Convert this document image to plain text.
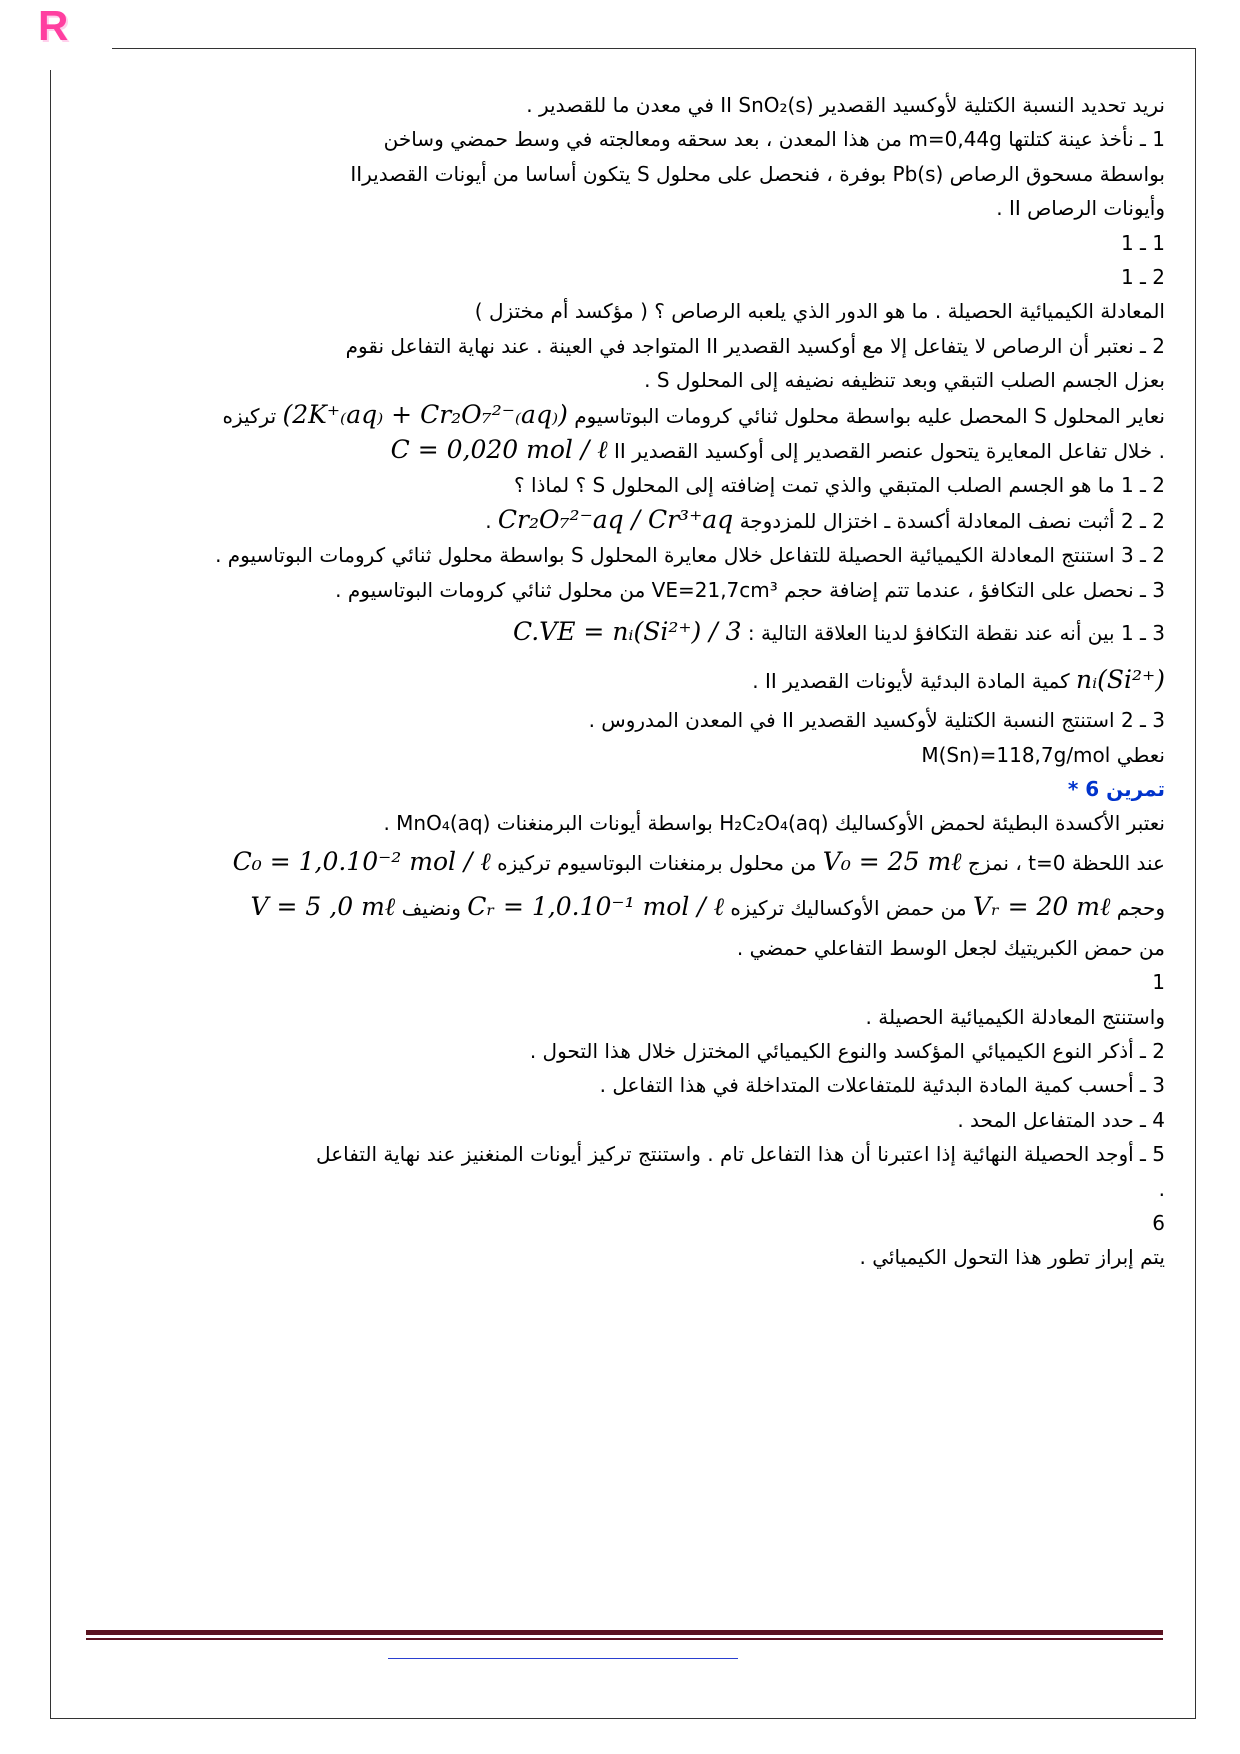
R

نريد تحديد النسبة الكتلية لأوكسيد القصدير II SnO₂(s) في معدن ما للقصدير .

1 ـ نأخذ عينة كتلتها m=0,44g من هذا المعدن ، بعد سحقه ومعالجته في وسط حمضي وساخن

بواسطة مسحوق الرصاص Pb(s) بوفرة ، فنحصل على محلول S يتكون أساسا من أيونات القصديرII

وأيونات الرصاص II .

1 ـ 1

2 ـ 1

المعادلة الكيميائية الحصيلة . ما هو الدور الذي يلعبه الرصاص ؟ ( مؤكسد أم مختزل )

2 ـ نعتبر أن الرصاص لا يتفاعل إلا مع أوكسيد القصدير II المتواجد في العينة . عند نهاية التفاعل نقوم

بعزل الجسم الصلب التبقي وبعد تنظيفه نضيفه إلى المحلول S .

نعاير المحلول S المحصل عليه بواسطة محلول ثنائي كرومات البوتاسيوم (2K⁺₍aq₎ + Cr₂O₇²⁻₍aq₎) تركيزه

. خلال تفاعل المعايرة يتحول عنصر القصدير إلى أوكسيد القصدير II C = 0,020 mol / ℓ

2 ـ 1 ما هو الجسم الصلب المتبقي والذي تمت إضافته إلى المحلول S ؟ لماذا ؟

2 ـ 2 أثبت نصف المعادلة أكسدة ـ اختزال للمزدوجة Cr₂O₇²⁻aq / Cr³⁺aq .

2 ـ 3 استنتج المعادلة الكيميائية الحصيلة للتفاعل خلال معايرة المحلول S بواسطة محلول ثنائي كرومات البوتاسيوم .

3 ـ نحصل على التكافؤ ، عندما تتم إضافة حجم VE=21,7cm³ من محلول ثنائي كرومات البوتاسيوم .

3 ـ 1 بين أنه عند نقطة التكافؤ لدينا العلاقة التالية : C.VE = nᵢ(Si²⁺) / 3

nᵢ(Si²⁺) كمية المادة البدئية لأيونات القصدير II .

3 ـ 2 استنتج النسبة الكتلية لأوكسيد القصدير II في المعدن المدروس .

نعطي M(Sn)=118,7g/mol

تمرين 6 *

نعتبر الأكسدة البطيئة لحمض الأوكساليك H₂C₂O₄(aq) بواسطة أيونات البرمنغنات MnO₄(aq) .

عند اللحظة t=0 ، نمزج V₀ = 25 mℓ من محلول برمنغنات البوتاسيوم تركيزه C₀ = 1,0.10⁻² mol / ℓ

وحجم Vᵣ = 20 mℓ من حمض الأوكساليك تركيزه Cᵣ = 1,0.10⁻¹ mol / ℓ ونضيف V = 5 ,0 mℓ

من حمض الكبريتيك لجعل الوسط التفاعلي حمضي .

1

واستنتج المعادلة الكيميائية الحصيلة .

2 ـ أذكر النوع الكيميائي المؤكسد والنوع الكيميائي المختزل خلال هذا التحول .

3 ـ أحسب كمية المادة البدئية للمتفاعلات المتداخلة في هذا التفاعل .

4 ـ حدد المتفاعل المحد .

5 ـ أوجد الحصيلة النهائية إذا اعتبرنا أن هذا التفاعل تام . واستنتج تركيز أيونات المنغنيز عند نهاية التفاعل

.

6

يتم إبراز تطور هذا التحول الكيميائي .
